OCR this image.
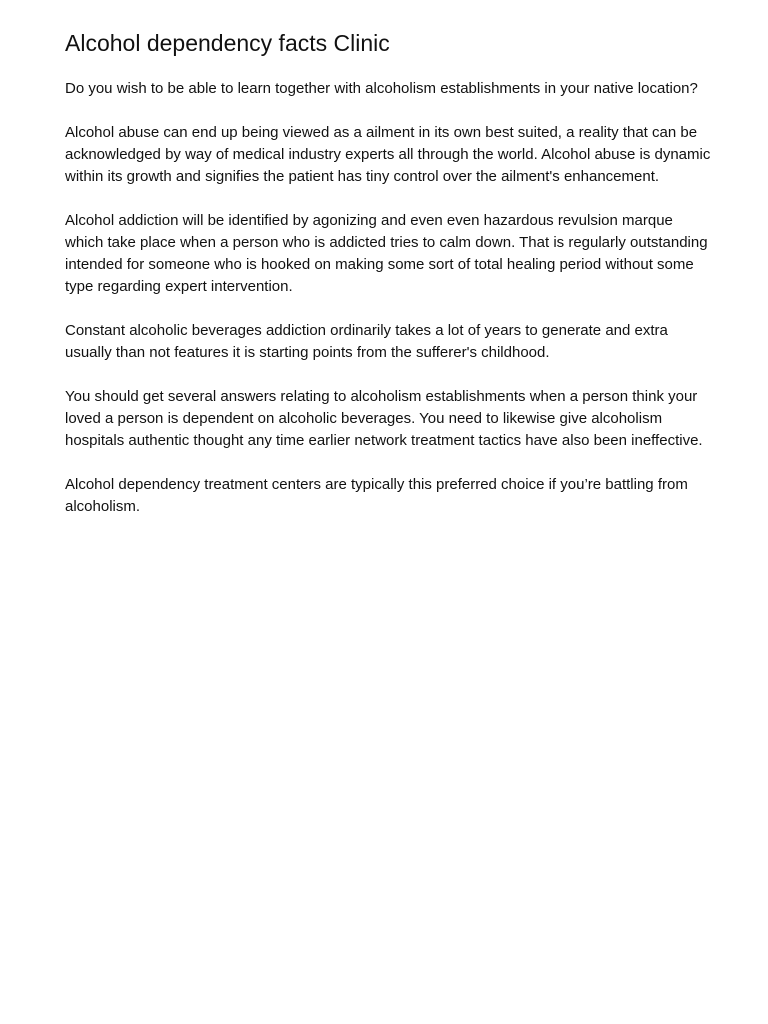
Alcohol dependency facts Clinic

Do you wish to be able to learn together with alcoholism establishments in your native location?

Alcohol abuse can end up being viewed as a ailment in its own best suited, a reality that can be acknowledged by way of medical industry experts all through the world. Alcohol abuse is dynamic within its growth and signifies the patient has tiny control over the ailment's enhancement.

Alcohol addiction will be identified by agonizing and even even hazardous revulsion marque which take place when a person who is addicted tries to calm down. That is regularly outstanding intended for someone who is hooked on making some sort of total healing period without some type regarding expert intervention.

Constant alcoholic beverages addiction ordinarily takes a lot of years to generate and extra usually than not features it is starting points from the sufferer's childhood.

You should get several answers relating to alcoholism establishments when a person think your loved a person is dependent on alcoholic beverages. You need to likewise give alcoholism hospitals authentic thought any time earlier network treatment tactics have also been ineffective.

Alcohol dependency treatment centers are typically this preferred choice if you’re battling from alcoholism.
